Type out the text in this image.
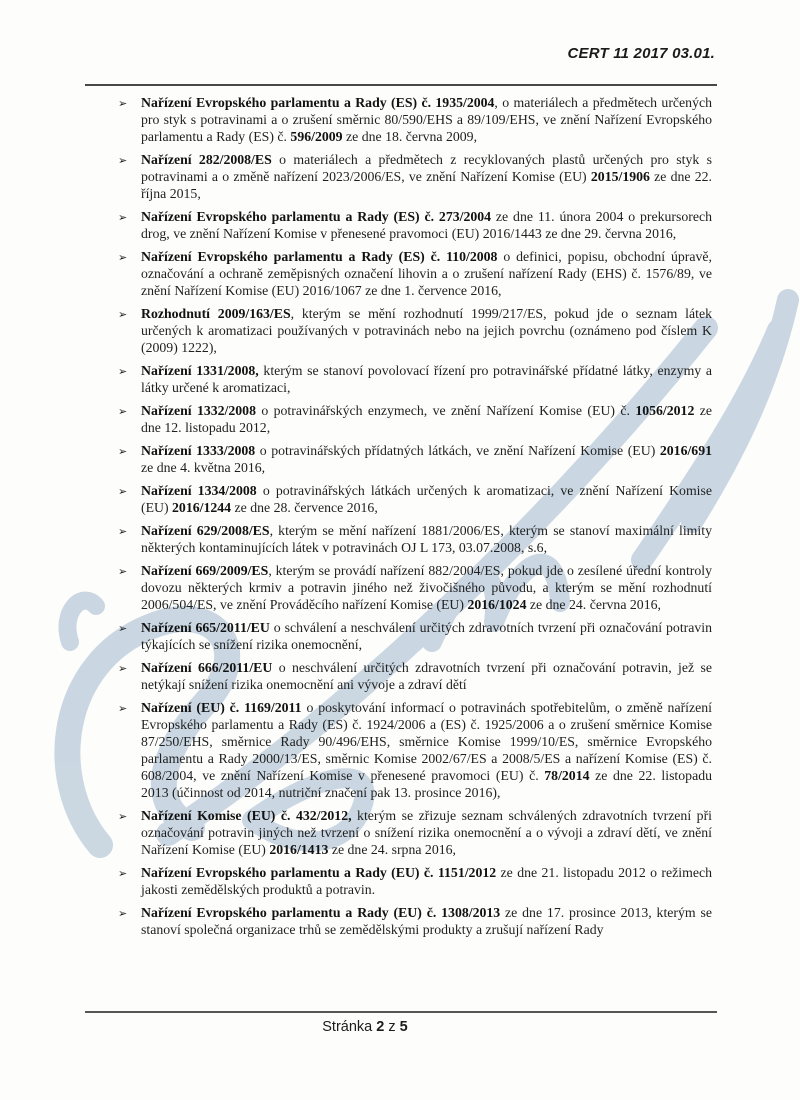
CERT 11 2017 03.01.
➢ Nařízení Evropského parlamentu a Rady (ES) č. 1935/2004, o materiálech a předmětech určených pro styk s potravinami a o zrušení směrnic 80/590/EHS a 89/109/EHS, ve znění Nařízení Evropského parlamentu a Rady (ES) č. 596/2009 ze dne 18. června 2009,
➢ Nařízení 282/2008/ES o materiálech a předmětech z recyklovaných plastů určených pro styk s potravinami a o změně nařízení 2023/2006/ES, ve znění Nařízení Komise (EU) 2015/1906 ze dne 22. října 2015,
➢ Nařízení Evropského parlamentu a Rady (ES) č. 273/2004 ze dne 11. února 2004 o prekursorech drog, ve znění Nařízení Komise v přenesené pravomoci (EU) 2016/1443 ze dne 29. června 2016,
➢ Nařízení Evropského parlamentu a Rady (ES) č. 110/2008 o definici, popisu, obchodní úpravě, označování a ochraně zeměpisných označení lihovin a o zrušení nařízení Rady (EHS) č. 1576/89, ve znění Nařízení Komise (EU) 2016/1067 ze dne 1. července 2016,
➢ Rozhodnutí 2009/163/ES, kterým se mění rozhodnutí 1999/217/ES, pokud jde o seznam látek určených k aromatizaci používaných v potravinách nebo na jejich povrchu (oznámeno pod číslem K (2009) 1222),
➢ Nařízení 1331/2008, kterým se stanoví povolovací řízení pro potravinářské přídatné látky, enzymy a látky určené k aromatizaci,
➢ Nařízení 1332/2008 o potravinářských enzymech, ve znění Nařízení Komise (EU) č. 1056/2012 ze dne 12. listopadu 2012,
➢ Nařízení 1333/2008 o potravinářských přídatných látkách, ve znění Nařízení Komise (EU) 2016/691 ze dne 4. května 2016,
➢ Nařízení 1334/2008 o potravinářských látkách určených k aromatizaci, ve znění Nařízení Komise (EU) 2016/1244 ze dne 28. července 2016,
➢ Nařízení 629/2008/ES, kterým se mění nařízení 1881/2006/ES, kterým se stanoví maximální limity některých kontaminujících látek v potravinách OJ L 173, 03.07.2008, s.6,
➢ Nařízení 669/2009/ES, kterým se provádí nařízení 882/2004/ES, pokud jde o zesílené úřední kontroly dovozu některých krmiv a potravin jiného než živočišného původu, a kterým se mění rozhodnutí 2006/504/ES, ve znění Prováděcího nařízení Komise (EU) 2016/1024 ze dne 24. června 2016,
➢ Nařízení 665/2011/EU o schválení a neschválení určitých zdravotních tvrzení při označování potravin týkajících se snížení rizika onemocnění,
➢ Nařízení 666/2011/EU o neschválení určitých zdravotních tvrzení při označování potravin, jež se netýkají snížení rizika onemocnění ani vývoje a zdraví dětí
➢ Nařízení (EU) č. 1169/2011 o poskytování informací o potravinách spotřebitelům, o změně nařízení Evropského parlamentu a Rady (ES) č. 1924/2006 a (ES) č. 1925/2006 a o zrušení směrnice Komise 87/250/EHS, směrnice Rady 90/496/EHS, směrnice Komise 1999/10/ES, směrnice Evropského parlamentu a Rady 2000/13/ES, směrnic Komise 2002/67/ES a 2008/5/ES a nařízení Komise (ES) č. 608/2004, ve znění Nařízení Komise v přenesené pravomoci (EU) č. 78/2014 ze dne 22. listopadu 2013 (účinnost od 2014, nutriční značení pak 13. prosince 2016),
➢ Nařízení Komise (EU) č. 432/2012, kterým se zřizuje seznam schválených zdravotních tvrzení při označování potravin jiných než tvrzení o snížení rizika onemocnění a o vývoji a zdraví dětí, ve znění Nařízení Komise (EU) 2016/1413 ze dne 24. srpna 2016,
➢ Nařízení Evropského parlamentu a Rady (EU) č. 1151/2012 ze dne 21. listopadu 2012 o režimech jakosti zemědělských produktů a potravin.
➢ Nařízení Evropského parlamentu a Rady (EU) č. 1308/2013 ze dne 17. prosince 2013, kterým se stanoví společná organizace trhů se zemědělskými produkty a zrušují nařízení Rady
Stránka 2 z 5
